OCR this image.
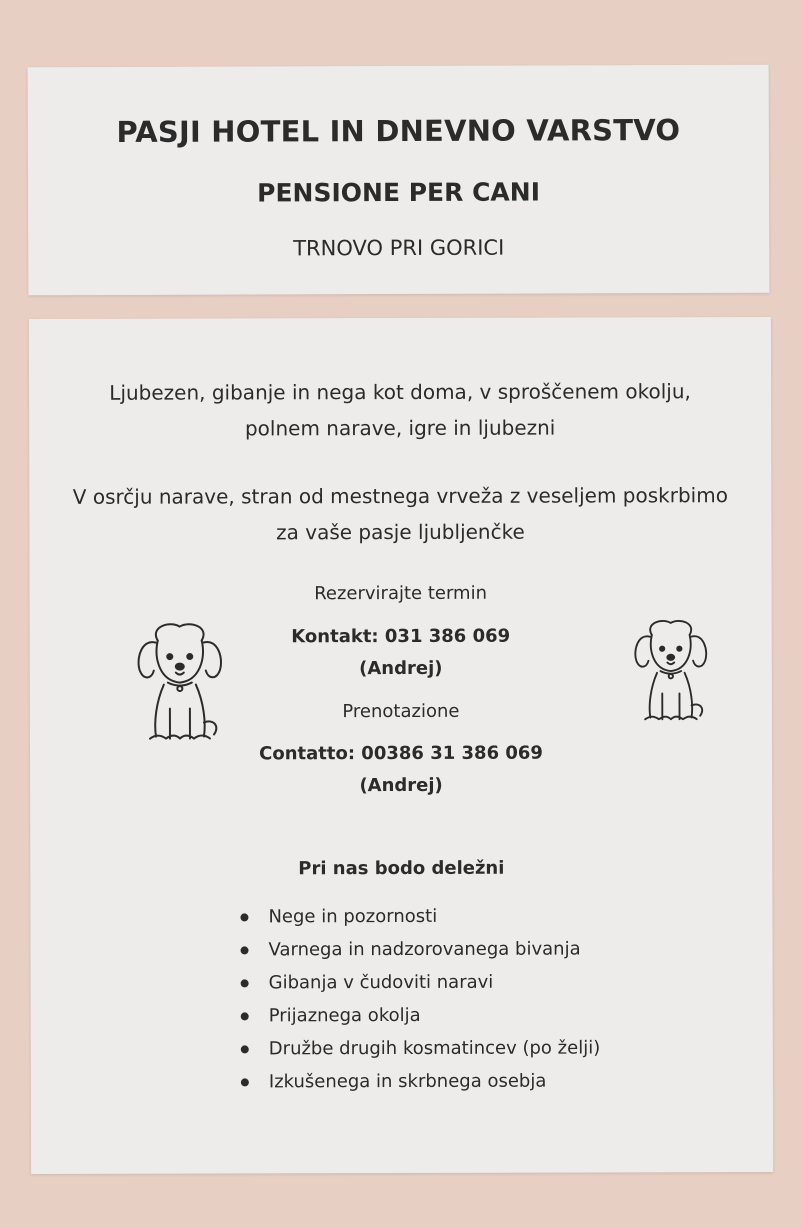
PASJI HOTEL IN DNEVNO VARSTVO
PENSIONE PER CANI
TRNOVO PRI GORICI
Ljubezen, gibanje in nega kot doma, v sproščenem okolju,
polnem narave, igre in ljubezni
V osrčju narave, stran od mestnega vrveža z veseljem poskrbimo
za vaše pasje ljubljenčke
Rezervirajte termin
Kontakt: 031 386 069
(Andrej)
Prenotazione
Contatto: 00386 31 386 069
(Andrej)
Pri nas bodo deležni
Nege in pozornosti
Varnega in nadzorovanega bivanja
Gibanja v čudoviti naravi
Prijaznega okolja
Družbe drugih kosmatincev (po želji)
Izkušenega in skrbnega osebja
